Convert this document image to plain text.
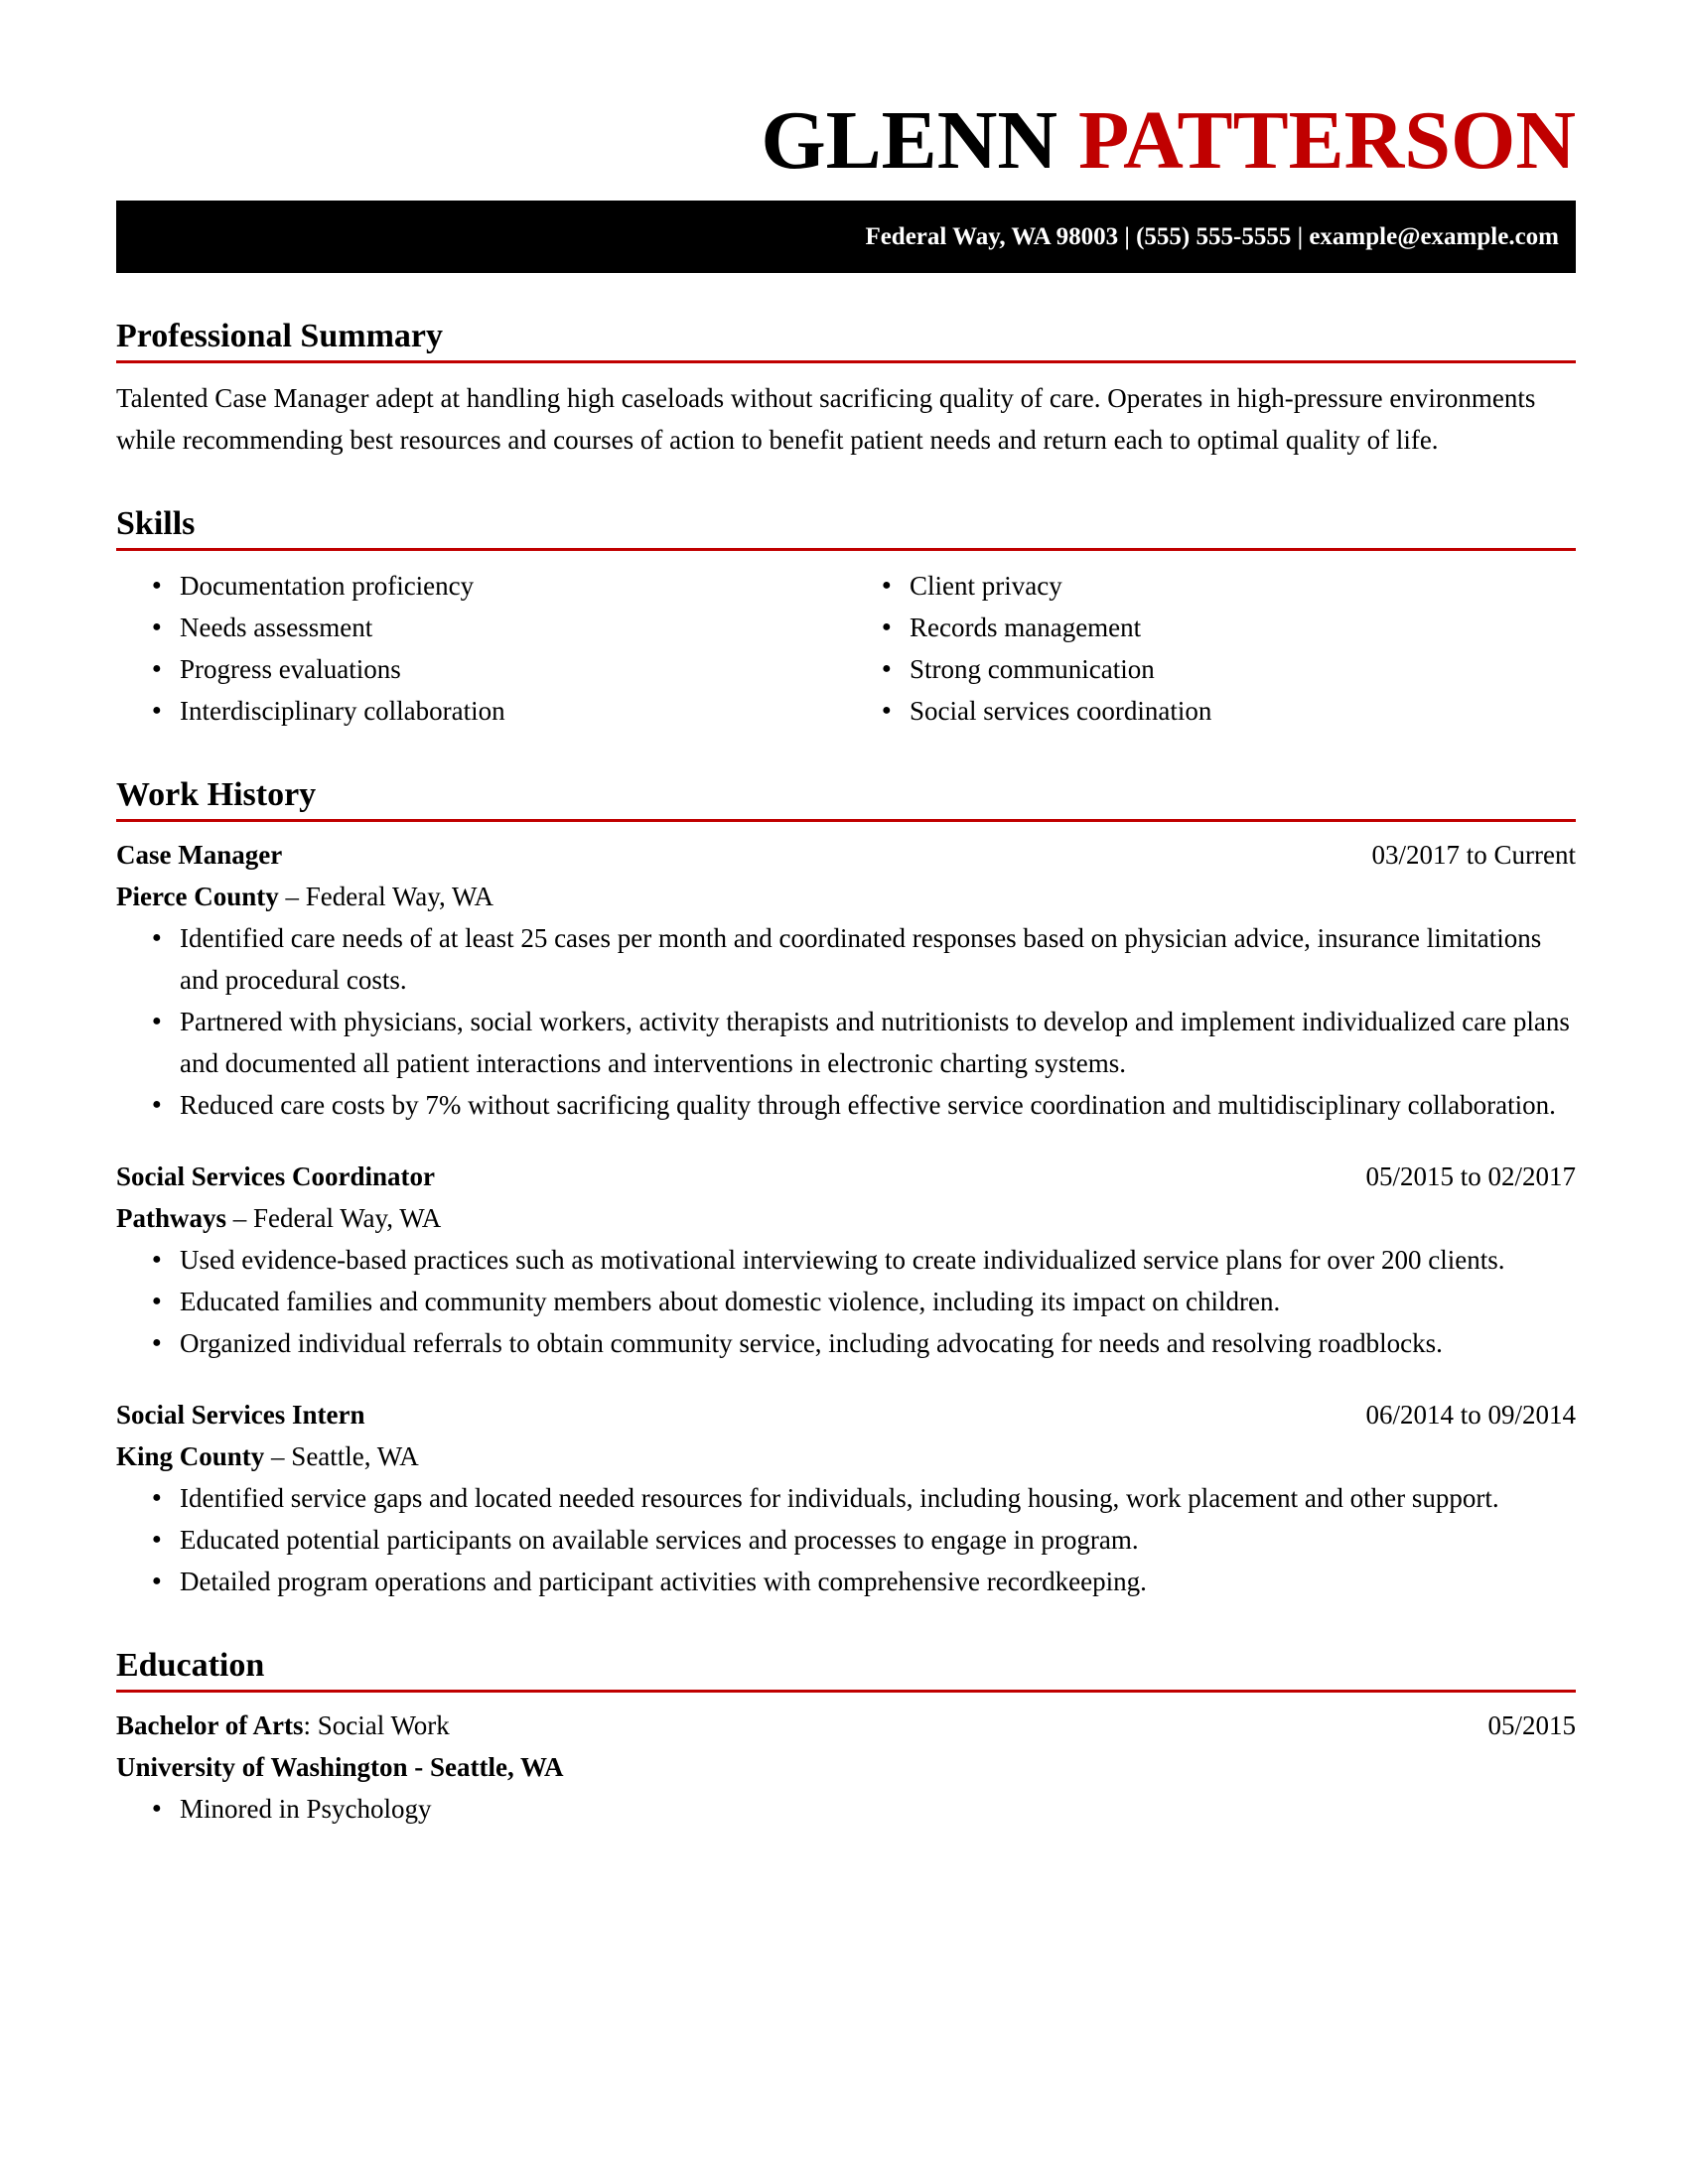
GLENN PATTERSON
Federal Way, WA 98003 | (555) 555-5555 | example@example.com
Professional Summary
Talented Case Manager adept at handling high caseloads without sacrificing quality of care. Operates in high-pressure environments while recommending best resources and courses of action to benefit patient needs and return each to optimal quality of life.
Skills
● Documentation proficiency
● Needs assessment
● Progress evaluations
● Interdisciplinary collaboration
● Client privacy
● Records management
● Strong communication
● Social services coordination
Work History
Case Manager	03/2017 to Current
Pierce County – Federal Way, WA
● Identified care needs of at least 25 cases per month and coordinated responses based on physician advice, insurance limitations and procedural costs.
● Partnered with physicians, social workers, activity therapists and nutritionists to develop and implement individualized care plans and documented all patient interactions and interventions in electronic charting systems.
● Reduced care costs by 7% without sacrificing quality through effective service coordination and multidisciplinary collaboration.
Social Services Coordinator	05/2015 to 02/2017
Pathways – Federal Way, WA
● Used evidence-based practices such as motivational interviewing to create individualized service plans for over 200 clients.
● Educated families and community members about domestic violence, including its impact on children.
● Organized individual referrals to obtain community service, including advocating for needs and resolving roadblocks.
Social Services Intern	06/2014 to 09/2014
King County – Seattle, WA
● Identified service gaps and located needed resources for individuals, including housing, work placement and other support.
● Educated potential participants on available services and processes to engage in program.
● Detailed program operations and participant activities with comprehensive recordkeeping.
Education
Bachelor of Arts: Social Work	05/2015
University of Washington - Seattle, WA
● Minored in Psychology
